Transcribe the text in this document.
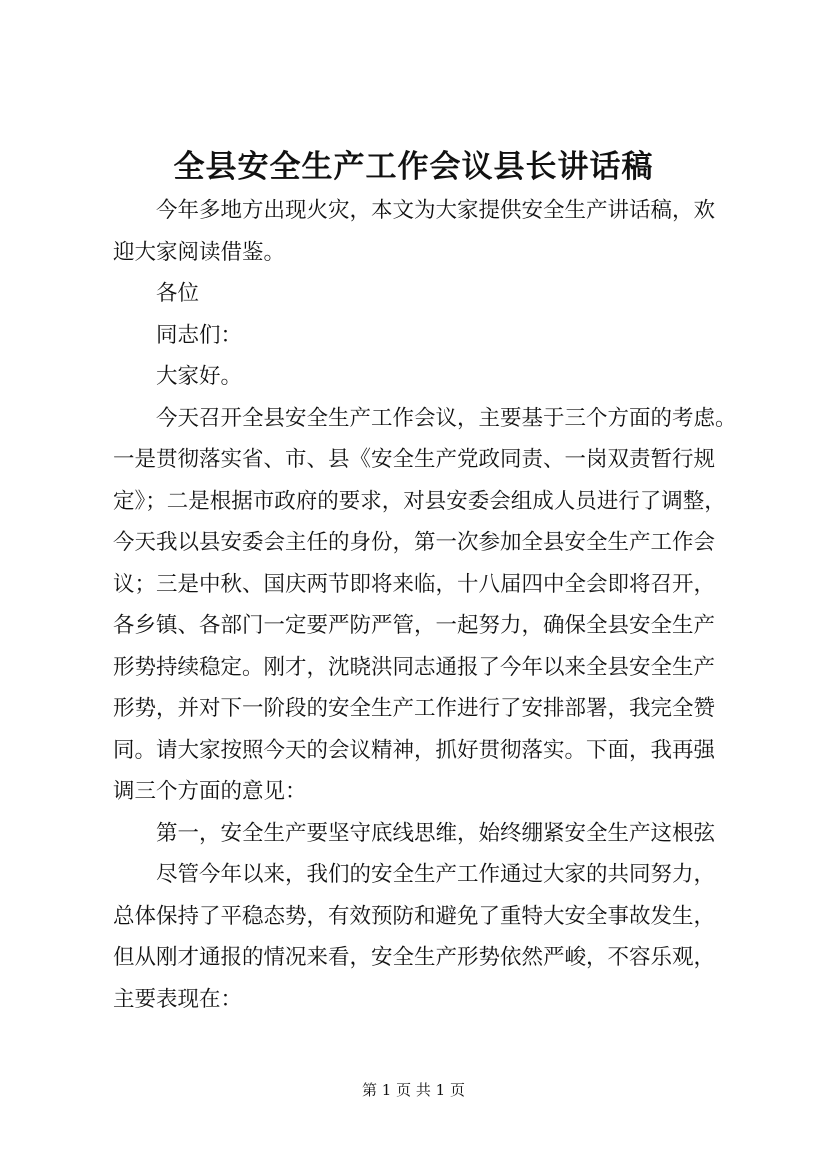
全县安全生产工作会议县长讲话稿
今年多地方出现火灾，本文为大家提供安全生产讲话稿，欢
迎大家阅读借鉴。
各位
同志们：
大家好。
今天召开全县安全生产工作会议，主要基于三个方面的考虑。
一是贯彻落实省、市、县《安全生产党政同责、一岗双责暂行规
定》；二是根据市政府的要求，对县安委会组成人员进行了调整，
今天我以县安委会主任的身份，第一次参加全县安全生产工作会
议；三是中秋、国庆两节即将来临，十八届四中全会即将召开，
各乡镇、各部门一定要严防严管，一起努力，确保全县安全生产
形势持续稳定。刚才，沈晓洪同志通报了今年以来全县安全生产
形势，并对下一阶段的安全生产工作进行了安排部署，我完全赞
同。请大家按照今天的会议精神，抓好贯彻落实。下面，我再强
调三个方面的意见：
第一，安全生产要坚守底线思维，始终绷紧安全生产这根弦
尽管今年以来，我们的安全生产工作通过大家的共同努力，
总体保持了平稳态势，有效预防和避免了重特大安全事故发生，
但从刚才通报的情况来看，安全生产形势依然严峻，不容乐观，
主要表现在：
第 1 页 共 1 页
